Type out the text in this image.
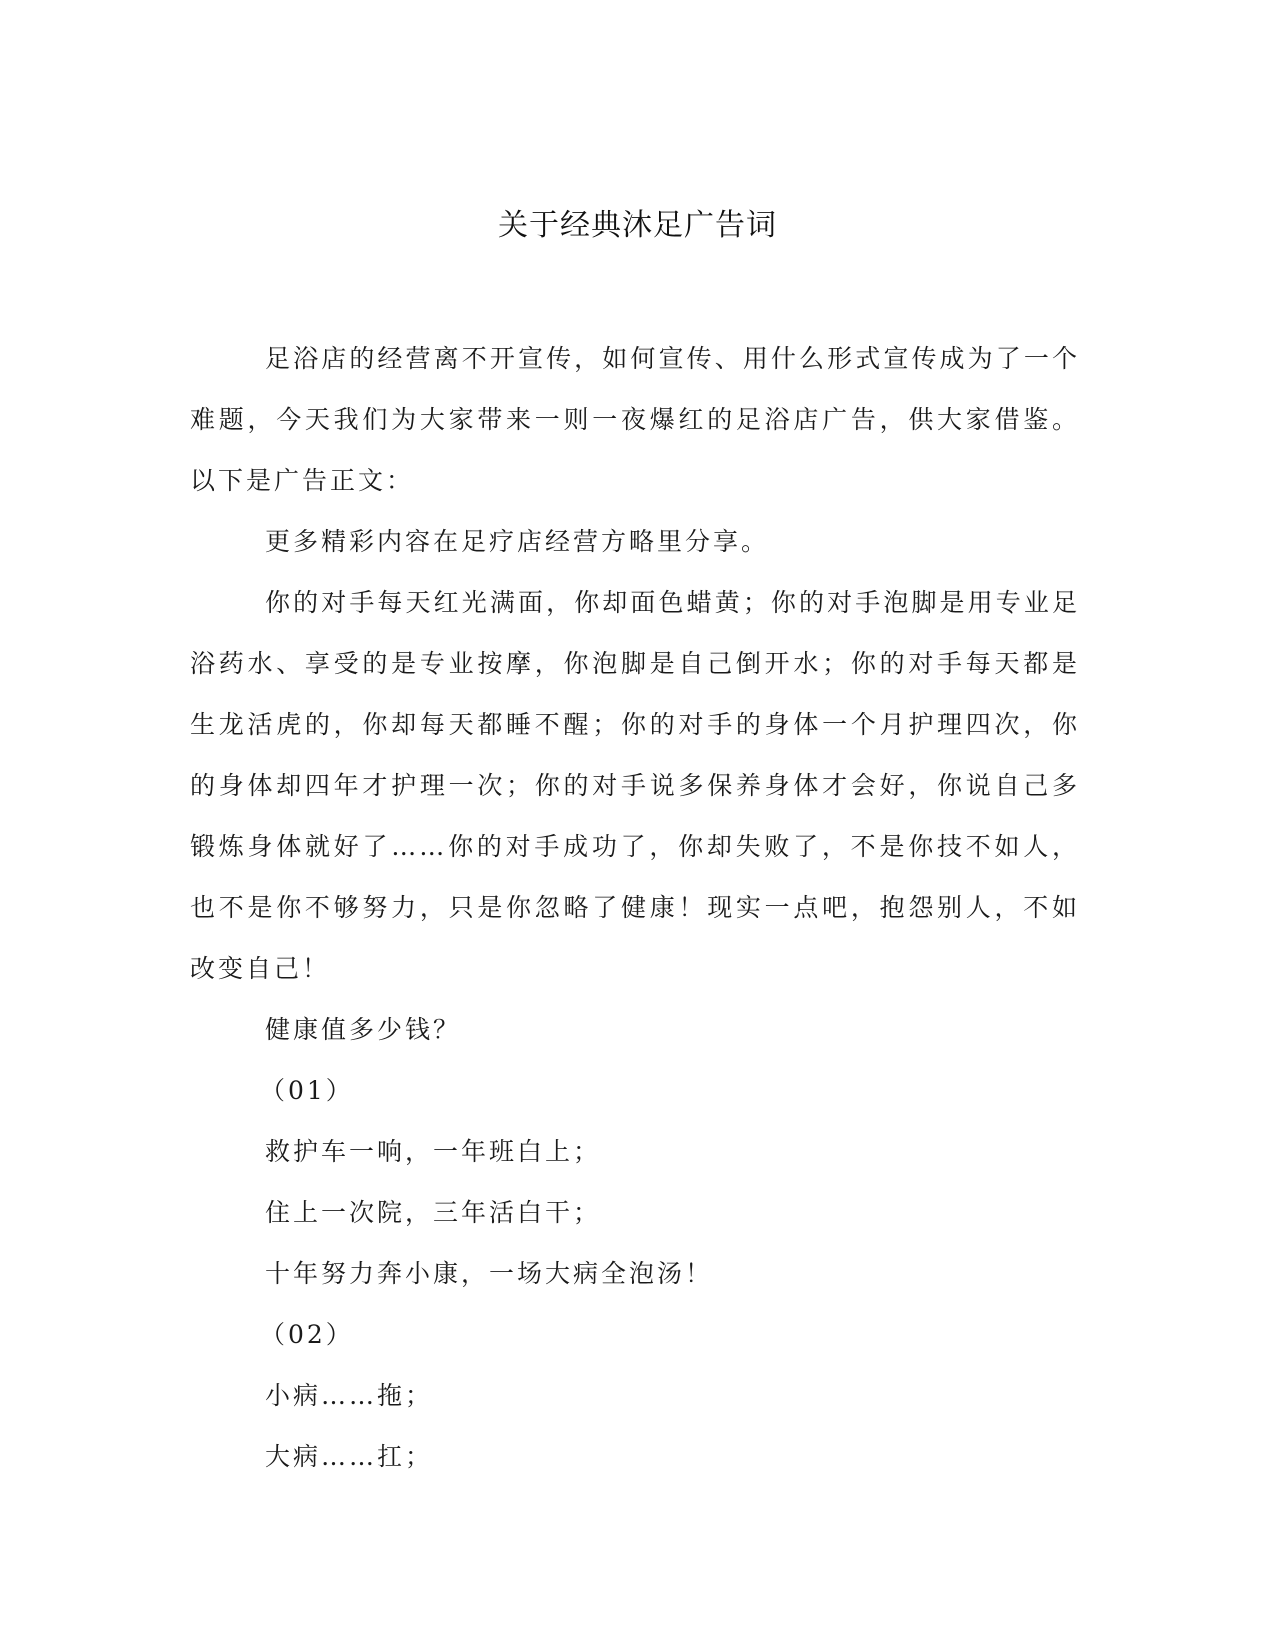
关于经典沐足广告词

足浴店的经营离不开宣传，如何宣传、用什么形式宣传成为了一个难题，今天我们为大家带来一则一夜爆红的足浴店广告，供大家借鉴。以下是广告正文：

更多精彩内容在足疗店经营方略里分享。

你的对手每天红光满面，你却面色蜡黄；你的对手泡脚是用专业足浴药水、享受的是专业按摩，你泡脚是自己倒开水；你的对手每天都是生龙活虎的，你却每天都睡不醒；你的对手的身体一个月护理四次，你的身体却四年才护理一次；你的对手说多保养身体才会好，你说自己多锻炼身体就好了……你的对手成功了，你却失败了，不是你技不如人，也不是你不够努力，只是你忽略了健康！现实一点吧，抱怨别人，不如改变自己！

健康值多少钱？

（01）

救护车一响，一年班白上；

住上一次院，三年活白干；

十年努力奔小康，一场大病全泡汤！

（02）

小病……拖；

大病……扛；
